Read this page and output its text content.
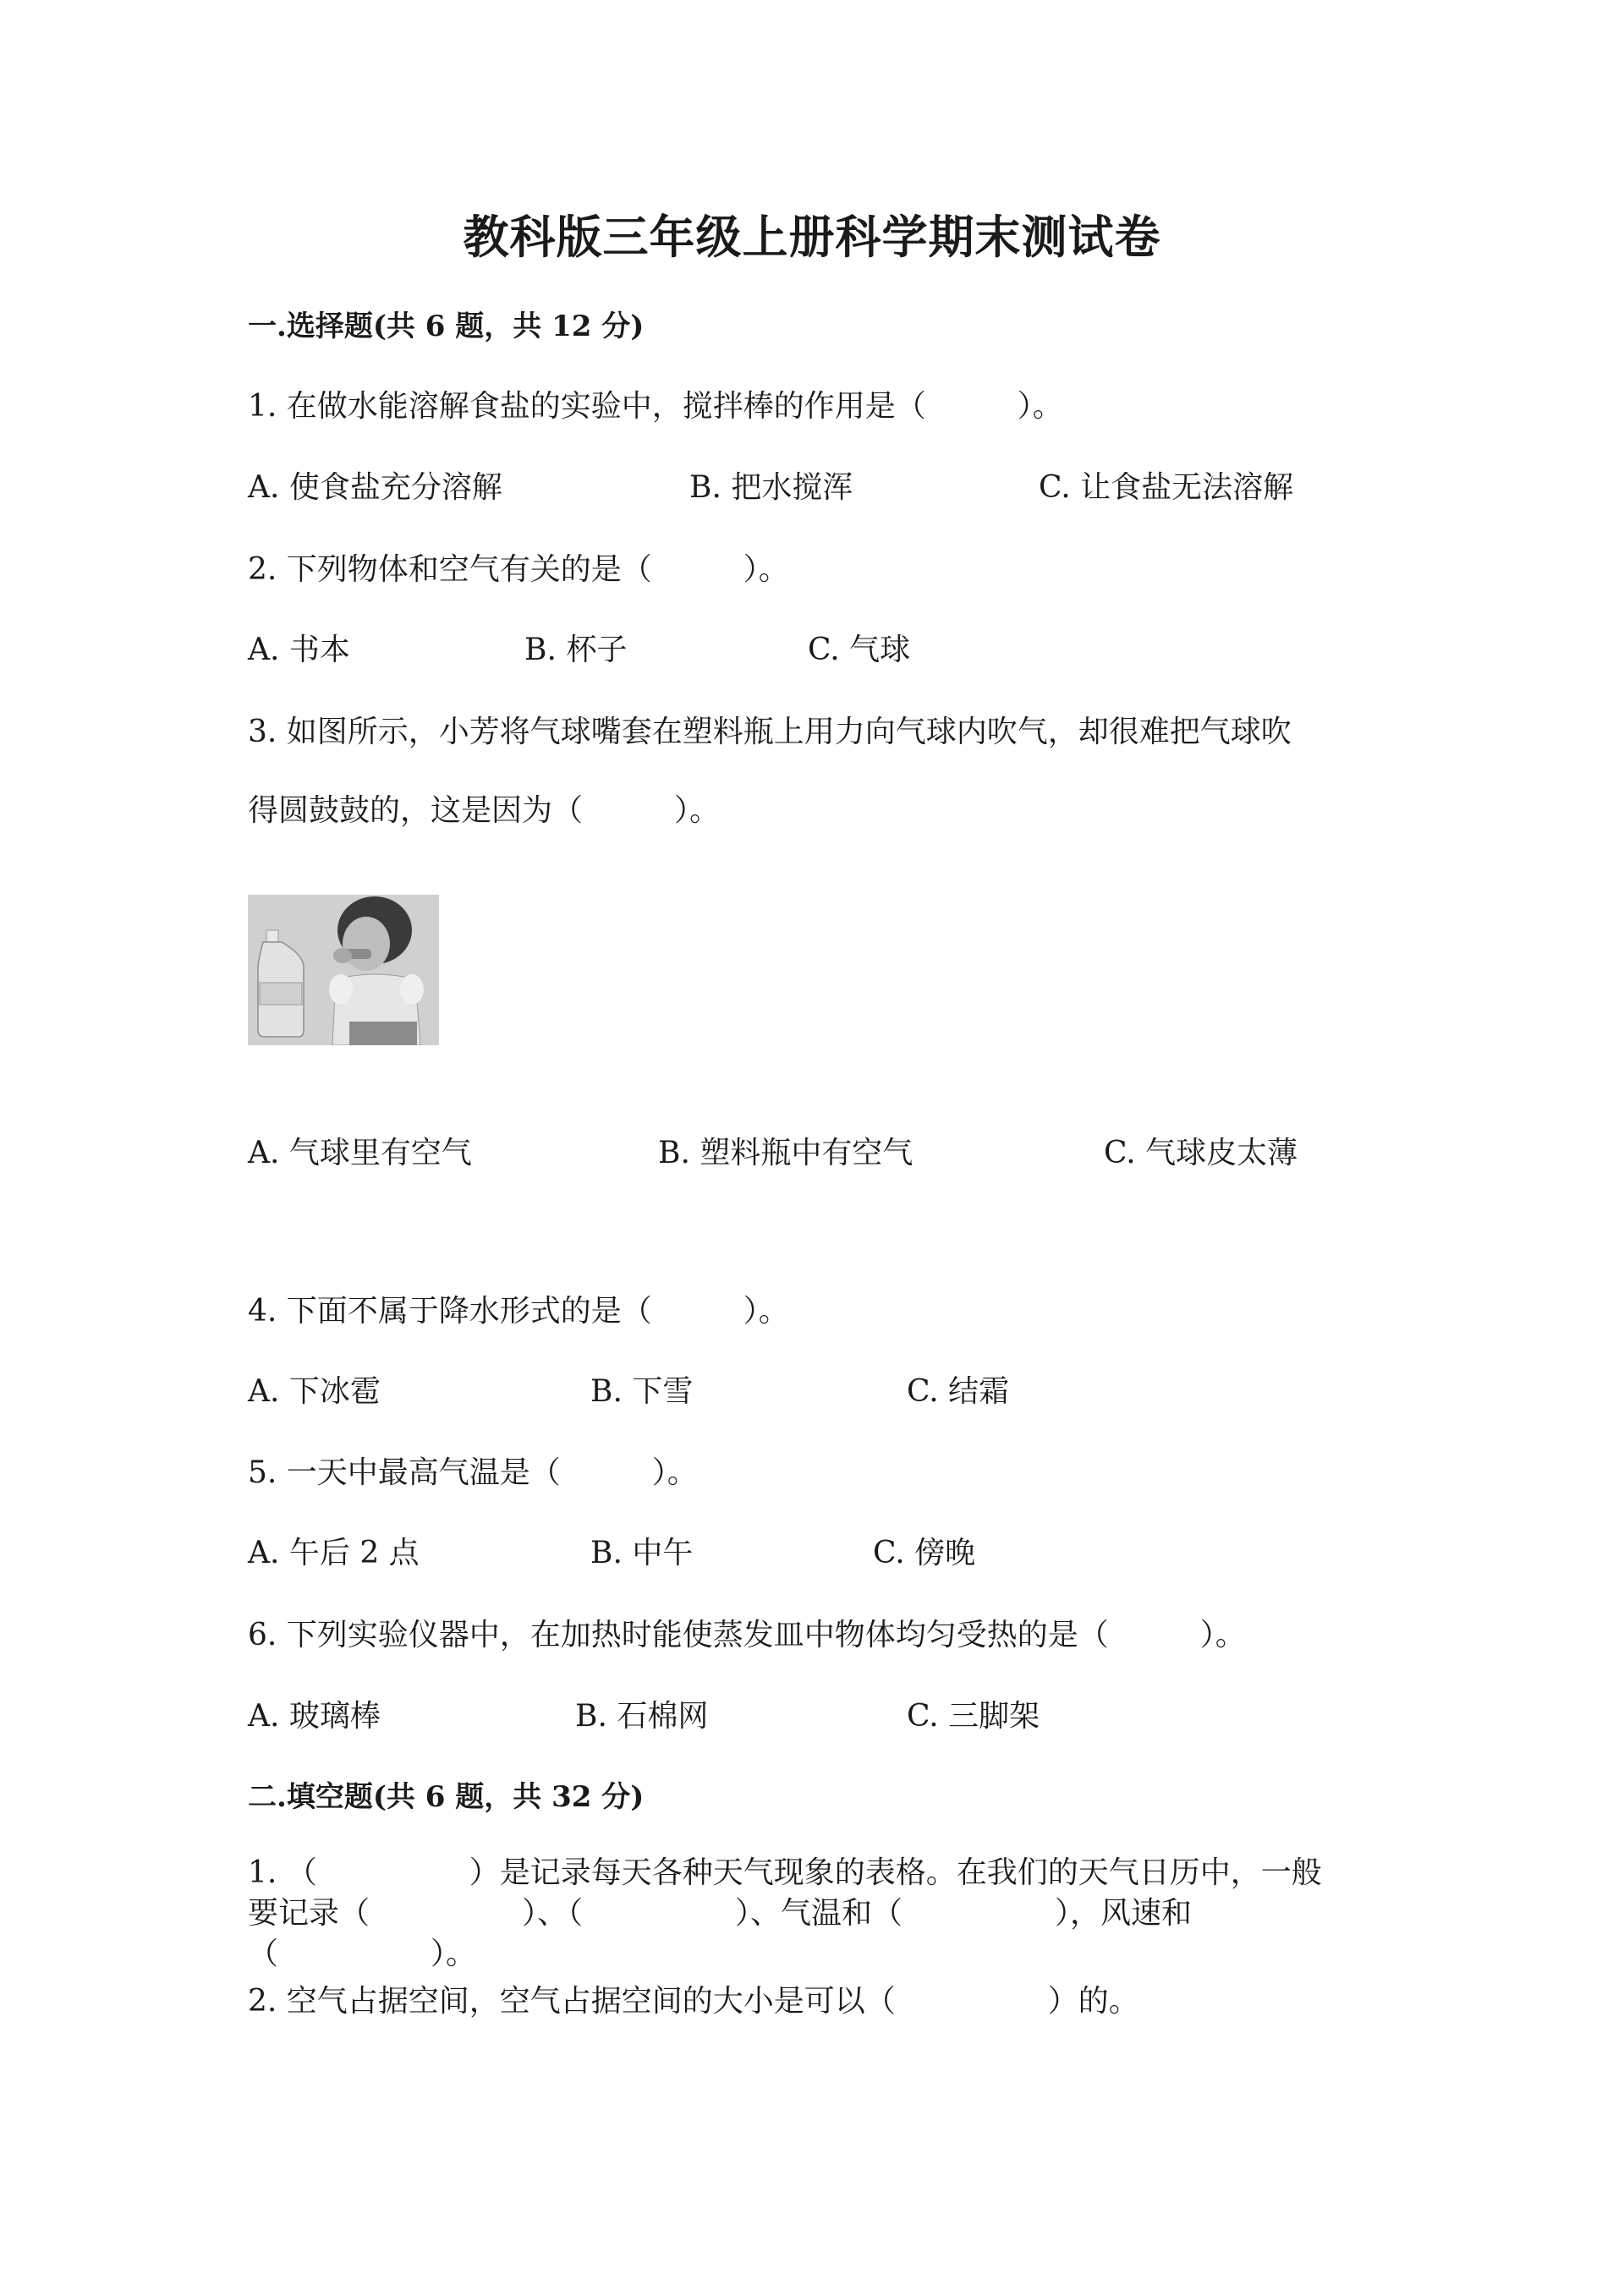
教科版三年级上册科学期末测试卷
一.选择题(共 6 题，共 12 分)
1. 在做水能溶解食盐的实验中，搅拌棒的作用是（　　　）。
A. 使食盐充分溶解	B. 把水搅浑	C. 让食盐无法溶解
2. 下列物体和空气有关的是（　　　）。
A. 书本	B. 杯子	C. 气球
3. 如图所示，小芳将气球嘴套在塑料瓶上用力向气球内吹气，却很难把气球吹
得圆鼓鼓的，这是因为（　　　）。
A. 气球里有空气	B. 塑料瓶中有空气	C. 气球皮太薄
4. 下面不属于降水形式的是（　　　）。
A. 下冰雹	B. 下雪	C. 结霜
5. 一天中最高气温是（　　　）。
A. 午后 2 点	B. 中午	C. 傍晚
6. 下列实验仪器中，在加热时能使蒸发皿中物体均匀受热的是（　　　）。
A. 玻璃棒	B. 石棉网	C. 三脚架
二.填空题(共 6 题，共 32 分)
1. （　　　　　）是记录每天各种天气现象的表格。在我们的天气日历中，一般
要记录（　　　　　）、（　　　　　）、气温和（　　　　　），风速和
（　　　　　）。
2. 空气占据空间，空气占据空间的大小是可以（　　　　　）的。
